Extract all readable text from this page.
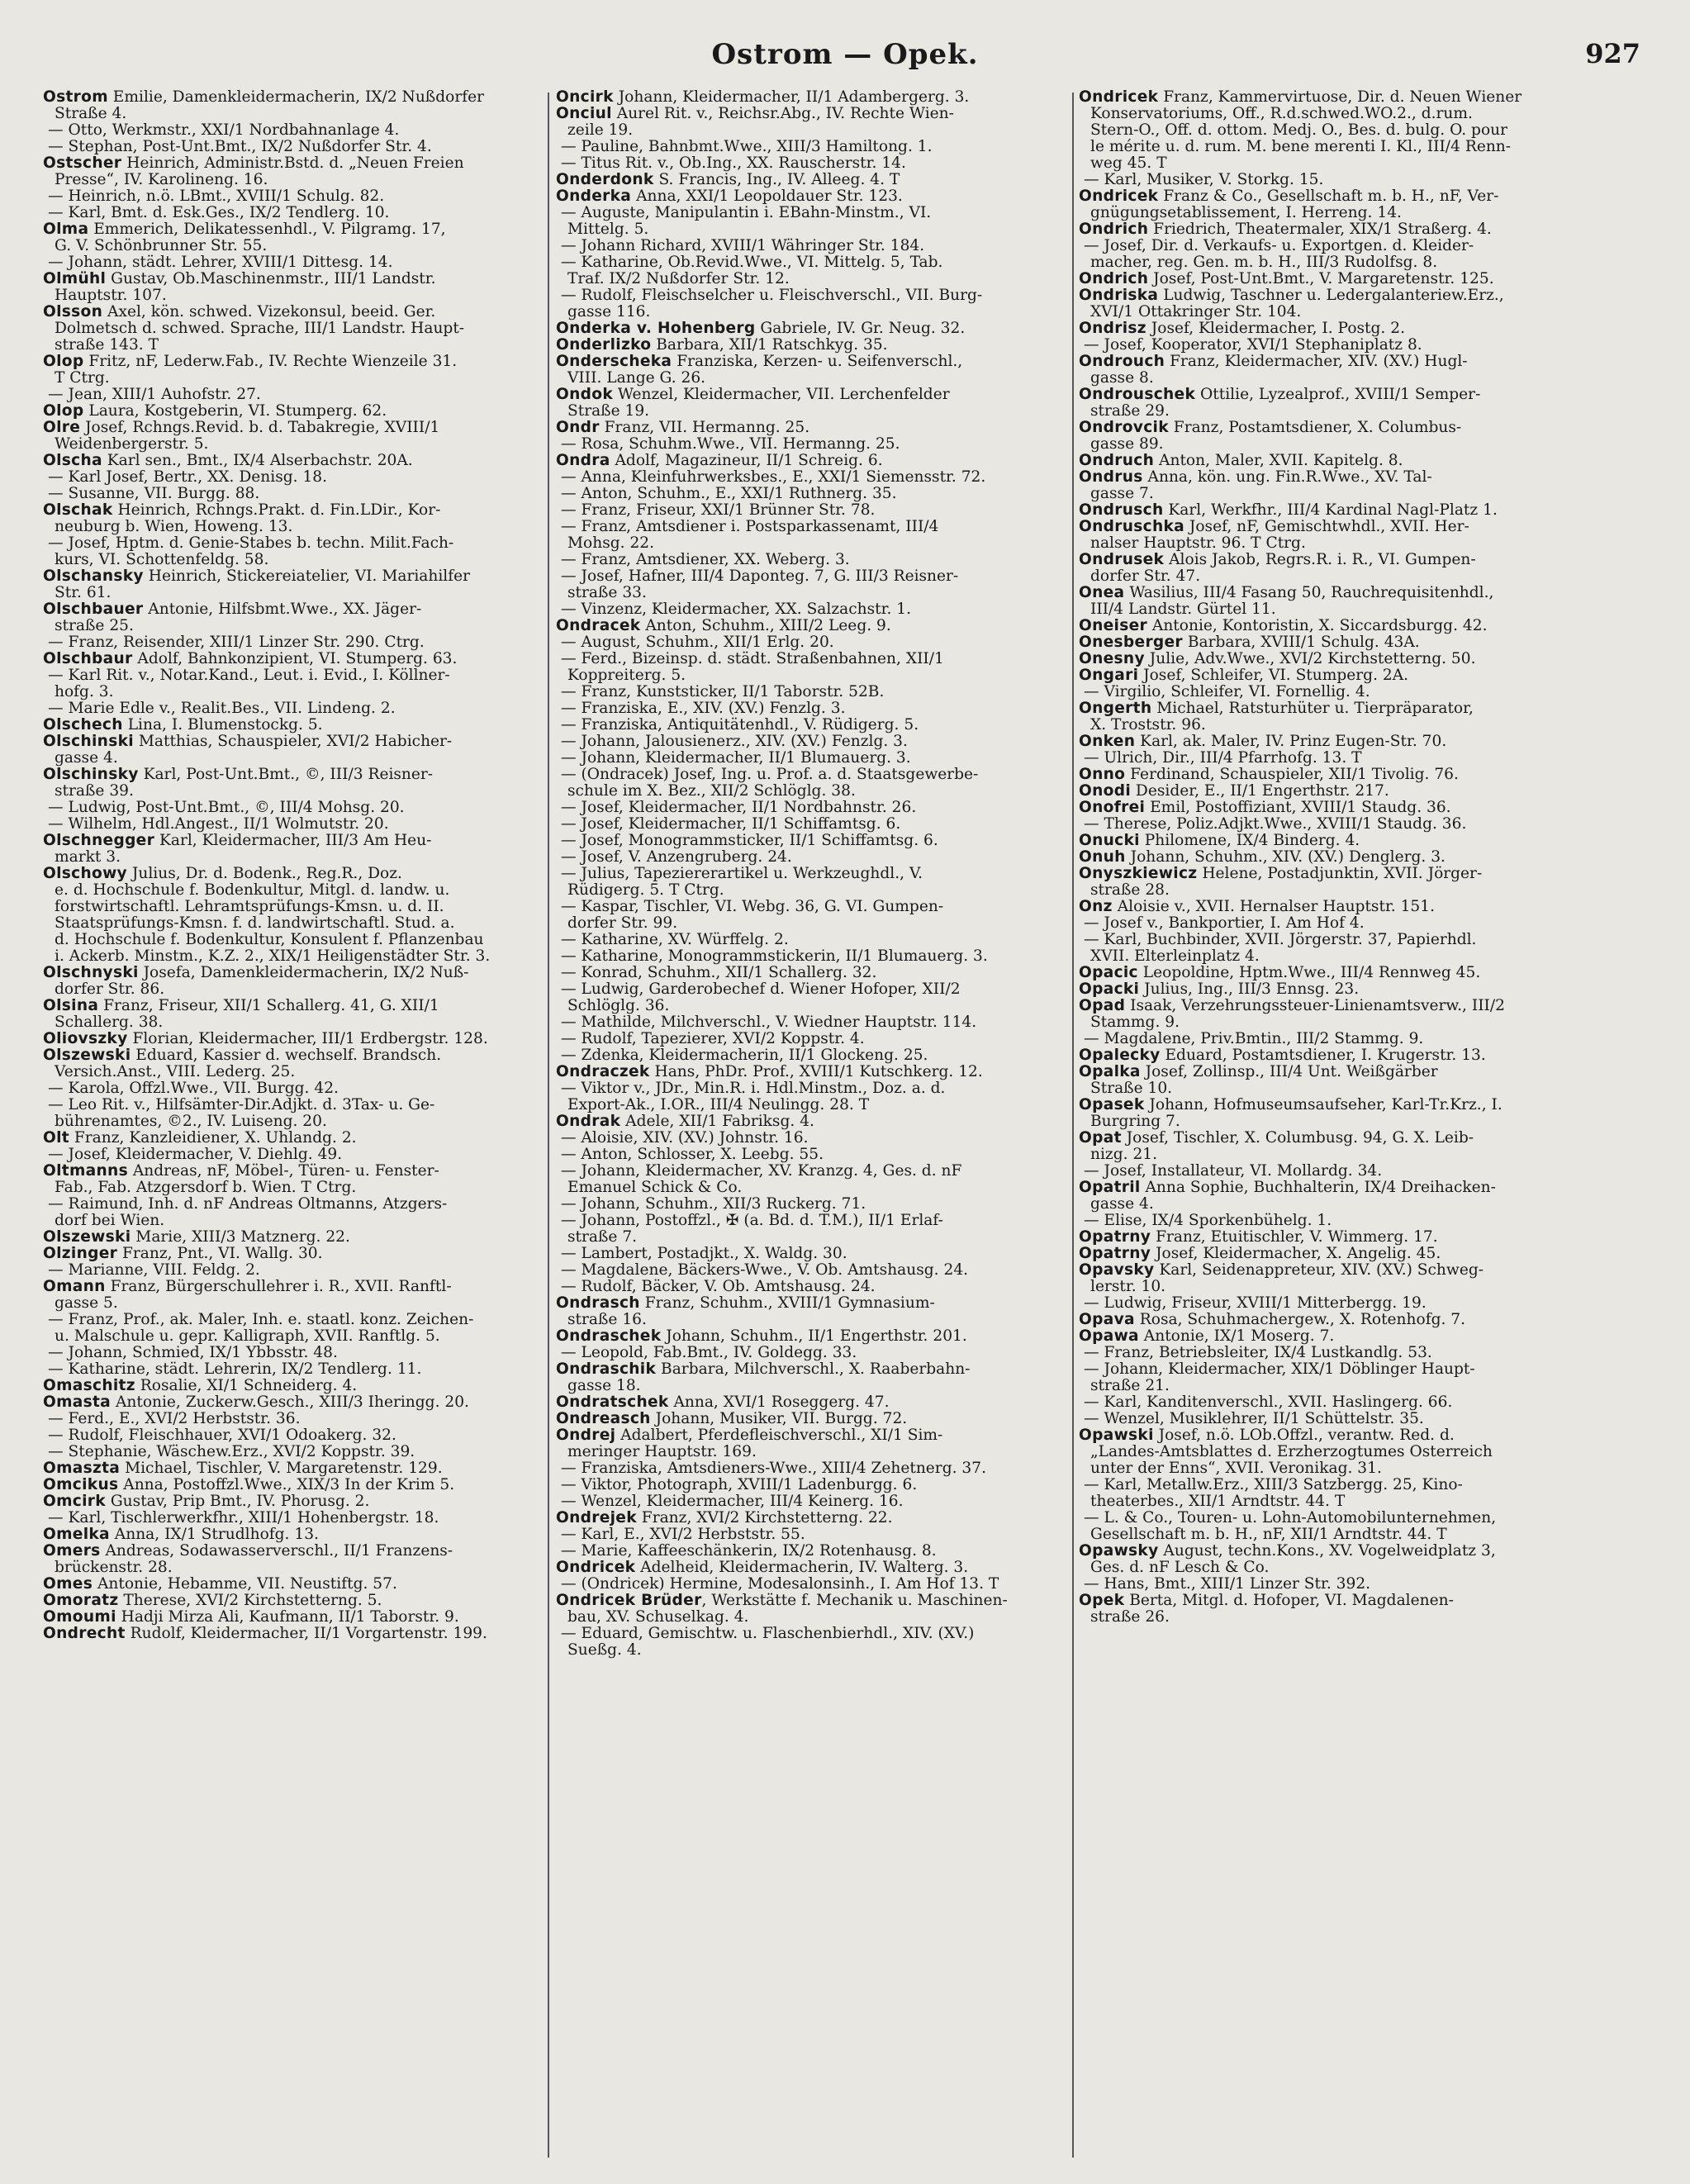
Ostrom — Opek.	927
Ostrom Emilie, Damenkleidermacherin, IX/2 Nußdorfer
Straße 4.
— Otto, Werkmstr., XXI/1 Nordbahnanlage 4.
— Stephan, Post-Unt.Bmt., IX/2 Nußdorfer Str. 4.
Ostscher Heinrich, Administr.Bstd. d. „Neuen Freien
Presse“, IV. Karolineng. 16.
— Heinrich, n.ö. LBmt., XVIII/1 Schulg. 82.
— Karl, Bmt. d. Esk.Ges., IX/2 Tendlerg. 10.
Olma Emmerich, Delikatessenhdl., V. Pilgramg. 17,
G. V. Schönbrunner Str. 55.
— Johann, städt. Lehrer, XVIII/1 Dittesg. 14.
Olmühl Gustav, Ob.Maschinenmstr., III/1 Landstr.
Hauptstr. 107.
Olsson Axel, kön. schwed. Vizekonsul, beeid. Ger.
Dolmetsch d. schwed. Sprache, III/1 Landstr. Haupt-
straße 143. T
Olop Fritz, nF, Lederw.Fab., IV. Rechte Wienzeile 31.
T Ctrg.
— Jean, XIII/1 Auhofstr. 27.
Olop Laura, Kostgeberin, VI. Stumperg. 62.
Olre Josef, Rchngs.Revid. b. d. Tabakregie, XVIII/1
Weidenbergerstr. 5.
Olscha Karl sen., Bmt., IX/4 Alserbachstr. 20A.
— Karl Josef, Bertr., XX. Denisg. 18.
— Susanne, VII. Burgg. 88.
Olschak Heinrich, Rchngs.Prakt. d. Fin.LDir., Kor-
neuburg b. Wien, Howeng. 13.
— Josef, Hptm. d. Genie-Stabes b. techn. Milit.Fach-
kurs, VI. Schottenfeldg. 58.
Olschansky Heinrich, Stickereiatelier, VI. Mariahilfer
Str. 61.
Olschbauer Antonie, Hilfsbmt.Wwe., XX. Jäger-
straße 25.
— Franz, Reisender, XIII/1 Linzer Str. 290. Ctrg.
Olschbaur Adolf, Bahnkonzipient, VI. Stumperg. 63.
— Karl Rit. v., Notar.Kand., Leut. i. Evid., I. Köllner-
hofg. 3.
— Marie Edle v., Realit.Bes., VII. Lindeng. 2.
Olschech Lina, I. Blumenstockg. 5.
Olschinski Matthias, Schauspieler, XVI/2 Habicher-
gasse 4.
Olschinsky Karl, Post-Unt.Bmt., ©, III/3 Reisner-
straße 39.
— Ludwig, Post-Unt.Bmt., ©, III/4 Mohsg. 20.
— Wilhelm, Hdl.Angest., II/1 Wolmutstr. 20.
Olschnegger Karl, Kleidermacher, III/3 Am Heu-
markt 3.
Olschowy Julius, Dr. d. Bodenk., Reg.R., Doz.
e. d. Hochschule f. Bodenkultur, Mitgl. d. landw. u.
forstwirtschaftl. Lehramtsprüfungs-Kmsn. u. d. II.
Staatsprüfungs-Kmsn. f. d. landwirtschaftl. Stud. a.
d. Hochschule f. Bodenkultur, Konsulent f. Pflanzenbau
i. Ackerb. Minstm., K.Z. 2., XIX/1 Heiligenstädter Str. 3.
Olschnyski Josefa, Damenkleidermacherin, IX/2 Nuß-
dorfer Str. 86.
Olsina Franz, Friseur, XII/1 Schallerg. 41, G. XII/1
Schallerg. 38.
Oliovszky Florian, Kleidermacher, III/1 Erdbergstr. 128.
Olszewski Eduard, Kassier d. wechself. Brandsch.
Versich.Anst., VIII. Lederg. 25.
— Karola, Offzl.Wwe., VII. Burgg. 42.
— Leo Rit. v., Hilfsämter-Dir.Adjkt. d. 3Tax- u. Ge-
bührenamtes, ©2., IV. Luiseng. 20.
Olt Franz, Kanzleidiener, X. Uhlandg. 2.
— Josef, Kleidermacher, V. Diehlg. 49.
Oltmanns Andreas, nF, Möbel-, Türen- u. Fenster-
Fab., Fab. Atzgersdorf b. Wien. T Ctrg.
— Raimund, Inh. d. nF Andreas Oltmanns, Atzgers-
dorf bei Wien.
Olszewski Marie, XIII/3 Matznerg. 22.
Olzinger Franz, Pnt., VI. Wallg. 30.
— Marianne, VIII. Feldg. 2.
Omann Franz, Bürgerschullehrer i. R., XVII. Ranftl-
gasse 5.
— Franz, Prof., ak. Maler, Inh. e. staatl. konz. Zeichen-
u. Malschule u. gepr. Kalligraph, XVII. Ranftlg. 5.
— Johann, Schmied, IX/1 Ybbsstr. 48.
— Katharine, städt. Lehrerin, IX/2 Tendlerg. 11.
Omaschitz Rosalie, XI/1 Schneiderg. 4.
Omasta Antonie, Zuckerw.Gesch., XIII/3 Iheringg. 20.
— Ferd., E., XVI/2 Herbststr. 36.
— Rudolf, Fleischhauer, XVI/1 Odoakerg. 32.
— Stephanie, Wäschew.Erz., XVI/2 Koppstr. 39.
Omasztа Michael, Tischler, V. Margaretenstr. 129.
Omcikus Anna, Postoffzl.Wwe., XIX/3 In der Krim 5.
Omcirk Gustav, Prip Bmt., IV. Phorusg. 2.
— Karl, Tischlerwerkfhr., XIII/1 Hohenbergstr. 18.
Omelka Anna, IX/1 Strudlhofg. 13.
Omers Andreas, Sodawasserverschl., II/1 Franzens-
brückenstr. 28.
Omes Antonie, Hebamme, VII. Neustiftg. 57.
Omoratz Therese, XVI/2 Kirchstetterng. 5.
Omoumi Hadji Mirza Ali, Kaufmann, II/1 Taborstr. 9.
Ondrecht Rudolf, Kleidermacher, II/1 Vorgartenstr. 199.
Oncirk Johann, Kleidermacher, II/1 Adambergerg. 3.
Onciul Aurel Rit. v., Reichsr.Abg., IV. Rechte Wien-
zeile 19.
— Pauline, Bahnbmt.Wwe., XIII/3 Hamiltong. 1.
— Titus Rit. v., Ob.Ing., XX. Rauscherstr. 14.
Onderdonk S. Francis, Ing., IV. Alleeg. 4. T
Onderka Anna, XXI/1 Leopoldauer Str. 123.
— Auguste, Manipulantin i. EBahn-Minstm., VI.
Mittelg. 5.
— Johann Richard, XVIII/1 Währinger Str. 184.
— Katharine, Ob.Revid.Wwe., VI. Mittelg. 5, Tab.
Traf. IX/2 Nußdorfer Str. 12.
— Rudolf, Fleischselcher u. Fleischverschl., VII. Burg-
gasse 116.
Onderka v. Hohenberg Gabriele, IV. Gr. Neug. 32.
Onderlizko Barbara, XII/1 Ratschkyg. 35.
Onderscheka Franziska, Kerzen- u. Seifenverschl.,
VIII. Lange G. 26.
Ondok Wenzel, Kleidermacher, VII. Lerchenfelder
Straße 19.
Ondr Franz, VII. Hermanng. 25.
— Rosa, Schuhm.Wwe., VII. Hermanng. 25.
Ondra Adolf, Magazineur, II/1 Schreig. 6.
— Anna, Kleinfuhrwerksbes., E., XXI/1 Siemensstr. 72.
— Anton, Schuhm., E., XXI/1 Ruthnerg. 35.
— Franz, Friseur, XXI/1 Brünner Str. 78.
— Franz, Amtsdiener i. Postsparkassenamt, III/4
Mohsg. 22.
— Franz, Amtsdiener, XX. Weberg. 3.
— Josef, Hafner, III/4 Daponteg. 7, G. III/3 Reisner-
straße 33.
— Vinzenz, Kleidermacher, XX. Salzachstr. 1.
Ondracek Anton, Schuhm., XIII/2 Leeg. 9.
— August, Schuhm., XII/1 Erlg. 20.
— Ferd., Bizeinsp. d. städt. Straßenbahnen, XII/1
Koppreiterg. 5.
— Franz, Kunststicker, II/1 Taborstr. 52B.
— Franziska, E., XIV. (XV.) Fenzlg. 3.
— Franziska, Antiquitätenhdl., V. Rüdigerg. 5.
— Johann, Jalousienerz., XIV. (XV.) Fenzlg. 3.
— Johann, Kleidermacher, II/1 Blumauerg. 3.
— (Ondracek) Josef, Ing. u. Prof. a. d. Staatsgewerbe-
schule im X. Bez., XII/2 Schlöglg. 38.
— Josef, Kleidermacher, II/1 Nordbahnstr. 26.
— Josef, Kleidermacher, II/1 Schiffamtsg. 6.
— Josef, Monogrammsticker, II/1 Schiffamtsg. 6.
— Josef, V. Anzengruberg. 24.
— Julius, Tapeziererartikel u. Werkzeughdl., V.
Rüdigerg. 5. T Ctrg.
— Kaspar, Tischler, VI. Webg. 36, G. VI. Gumpen-
dorfer Str. 99.
— Katharine, XV. Würffelg. 2.
— Katharine, Monogrammstickerin, II/1 Blumauerg. 3.
— Konrad, Schuhm., XII/1 Schallerg. 32.
— Ludwig, Garderobechef d. Wiener Hofoper, XII/2
Schlöglg. 36.
— Mathilde, Milchverschl., V. Wiedner Hauptstr. 114.
— Rudolf, Tapezierer, XVI/2 Koppstr. 4.
— Zdenka, Kleidermacherin, II/1 Glockeng. 25.
Ondraczek Hans, PhDr. Prof., XVIII/1 Kutschkerg. 12.
— Viktor v., JDr., Min.R. i. Hdl.Minstm., Doz. a. d.
Export-Ak., I.OR., III/4 Neulingg. 28. T
Ondrak Adele, XII/1 Fabriksg. 4.
— Aloisie, XIV. (XV.) Johnstr. 16.
— Anton, Schlosser, X. Leebg. 55.
— Johann, Kleidermacher, XV. Kranzg. 4, Ges. d. nF
Emanuel Schick & Co.
— Johann, Schuhm., XII/3 Ruckerg. 71.
— Johann, Postoffzl., ✠ (a. Bd. d. T.M.), II/1 Erlaf-
straße 7.
— Lambert, Postadjkt., X. Waldg. 30.
— Magdalene, Bäckers-Wwe., V. Ob. Amtshausg. 24.
— Rudolf, Bäcker, V. Ob. Amtshausg. 24.
Ondrasch Franz, Schuhm., XVIII/1 Gymnasium-
straße 16.
Ondraschek Johann, Schuhm., II/1 Engerthstr. 201.
— Leopold, Fab.Bmt., IV. Goldegg. 33.
Ondraschik Barbara, Milchverschl., X. Raaberbahn-
gasse 18.
Ondratschek Anna, XVI/1 Roseggerg. 47.
Ondreasch Johann, Musiker, VII. Burgg. 72.
Ondrej Adalbert, Pferdefleischverschl., XI/1 Sim-
meringer Hauptstr. 169.
— Franziska, Amtsdieners-Wwe., XIII/4 Zehetnerg. 37.
— Viktor, Photograph, XVIII/1 Ladenburgg. 6.
— Wenzel, Kleidermacher, III/4 Keinerg. 16.
Ondrejek Franz, XVI/2 Kirchstetterng. 22.
— Karl, E., XVI/2 Herbststr. 55.
— Marie, Kaffeeschänkerin, IX/2 Rotenhausg. 8.
Ondricek Adelheid, Kleidermacherin, IV. Walterg. 3.
— (Ondricek) Hermine, Modesalonsinh., I. Am Hof 13. T
Ondricek Brüder, Werkstätte f. Mechanik u. Maschinen-
bau, XV. Schuselkag. 4.
— Eduard, Gemischtw. u. Flaschenbierhdl., XIV. (XV.)
Sueßg. 4.
Ondricek Franz, Kammervirtuose, Dir. d. Neuen Wiener
Konservatoriums, Off., R.d.schwed.WO.2., d.rum.
Stern-O., Off. d. ottom. Medj. O., Bes. d. bulg. O. pour
le mérite u. d. rum. M. bene merenti I. Kl., III/4 Renn-
weg 45. T
— Karl, Musiker, V. Storkg. 15.
Ondricek Franz & Co., Gesellschaft m. b. H., nF, Ver-
gnügungsetablissement, I. Herreng. 14.
Ondrich Friedrich, Theatermaler, XIX/1 Straßerg. 4.
— Josef, Dir. d. Verkaufs- u. Exportgen. d. Kleider-
macher, reg. Gen. m. b. H., III/3 Rudolfsg. 8.
Ondrich Josef, Post-Unt.Bmt., V. Margaretenstr. 125.
Ondriska Ludwig, Taschner u. Ledergalanteriew.Erz.,
XVI/1 Ottakringer Str. 104.
Ondrisz Josef, Kleidermacher, I. Postg. 2.
— Josef, Kooperator, XVI/1 Stephaniplatz 8.
Ondrouch Franz, Kleidermacher, XIV. (XV.) Hugl-
gasse 8.
Ondrouschek Ottilie, Lyzealprof., XVIII/1 Semper-
straße 29.
Ondrovcik Franz, Postamtsdiener, X. Columbus-
gasse 89.
Ondruch Anton, Maler, XVII. Kapitelg. 8.
Ondrus Anna, kön. ung. Fin.R.Wwe., XV. Tal-
gasse 7.
Ondrusch Karl, Werkfhr., III/4 Kardinal Nagl-Platz 1.
Ondruschka Josef, nF, Gemischtwhdl., XVII. Her-
nalser Hauptstr. 96. T Ctrg.
Ondrusek Alois Jakob, Regrs.R. i. R., VI. Gumpen-
dorfer Str. 47.
Onea Wasilius, III/4 Fasang 50, Rauchrequisitenhdl.,
III/4 Landstr. Gürtel 11.
Oneiser Antonie, Kontoristin, X. Siccardsburgg. 42.
Onesberger Barbara, XVIII/1 Schulg. 43A.
Onesny Julie, Adv.Wwe., XVI/2 Kirchstetterng. 50.
Ongari Josef, Schleifer, VI. Stumperg. 2A.
— Virgilio, Schleifer, VI. Fornellig. 4.
Ongerth Michael, Ratsturhüter u. Tierpräparator,
X. Troststr. 96.
Onken Karl, ak. Maler, IV. Prinz Eugen-Str. 70.
— Ulrich, Dir., III/4 Pfarrhofg. 13. T
Onno Ferdinand, Schauspieler, XII/1 Tivolig. 76.
Onodi Desider, E., II/1 Engerthstr. 217.
Onofrei Emil, Postoffiziant, XVIII/1 Staudg. 36.
— Therese, Poliz.Adjkt.Wwe., XVIII/1 Staudg. 36.
Onucki Philomene, IX/4 Binderg. 4.
Onuh Johann, Schuhm., XIV. (XV.) Denglerg. 3.
Onyszkiewicz Helene, Postadjunktin, XVII. Jörger-
straße 28.
Onz Aloisie v., XVII. Hernalser Hauptstr. 151.
— Josef v., Bankportier, I. Am Hof 4.
— Karl, Buchbinder, XVII. Jörgerstr. 37, Papierhdl.
XVII. Elterleinplatz 4.
Opacic Leopoldine, Hptm.Wwe., III/4 Rennweg 45.
Opacki Julius, Ing., III/3 Ennsg. 23.
Opad Isaak, Verzehrungssteuer-Linienamtsverw., III/2
Stammg. 9.
— Magdalene, Priv.Bmtin., III/2 Stammg. 9.
Opalecky Eduard, Postamtsdiener, I. Krugerstr. 13.
Opalka Josef, Zollinsp., III/4 Unt. Weißgärber
Straße 10.
Opasek Johann, Hofmuseumsaufseher, Karl-Tr.Krz., I.
Burgring 7.
Opat Josef, Tischler, X. Columbusg. 94, G. X. Leib-
nizg. 21.
— Josef, Installateur, VI. Mollardg. 34.
Opatril Anna Sophie, Buchhalterin, IX/4 Dreihacken-
gasse 4.
— Elise, IX/4 Sporkenbühelg. 1.
Opatrny Franz, Etuitischler, V. Wimmerg. 17.
Opatrny Josef, Kleidermacher, X. Angelig. 45.
Opavsky Karl, Seidenappreteur, XIV. (XV.) Schweg-
lerstr. 10.
— Ludwig, Friseur, XVIII/1 Mitterbergg. 19.
Opava Rosa, Schuhmachergew., X. Rotenhofg. 7.
Opawa Antonie, IX/1 Moserg. 7.
— Franz, Betriebsleiter, IX/4 Lustkandlg. 53.
— Johann, Kleidermacher, XIX/1 Döblinger Haupt-
straße 21.
— Karl, Kanditenverschl., XVII. Haslingerg. 66.
— Wenzel, Musiklehrer, II/1 Schüttelstr. 35.
Opawski Josef, n.ö. LOb.Offzl., verantw. Red. d.
„Landes-Amtsblattes d. Erzherzogtumes Österreich
unter der Enns“, XVII. Veronikag. 31.
— Karl, Metallw.Erz., XIII/3 Satzbergg. 25, Kino-
theaterbes., XII/1 Arndtstr. 44. T
— L. & Co., Touren- u. Lohn-Automobilunternehmen,
Gesellschaft m. b. H., nF, XII/1 Arndtstr. 44. T
Opawsky August, techn.Kons., XV. Vogelweidplatz 3,
Ges. d. nF Lesch & Co.
— Hans, Bmt., XIII/1 Linzer Str. 392.
Opek Berta, Mitgl. d. Hofoper, VI. Magdalenen-
straße 26.
